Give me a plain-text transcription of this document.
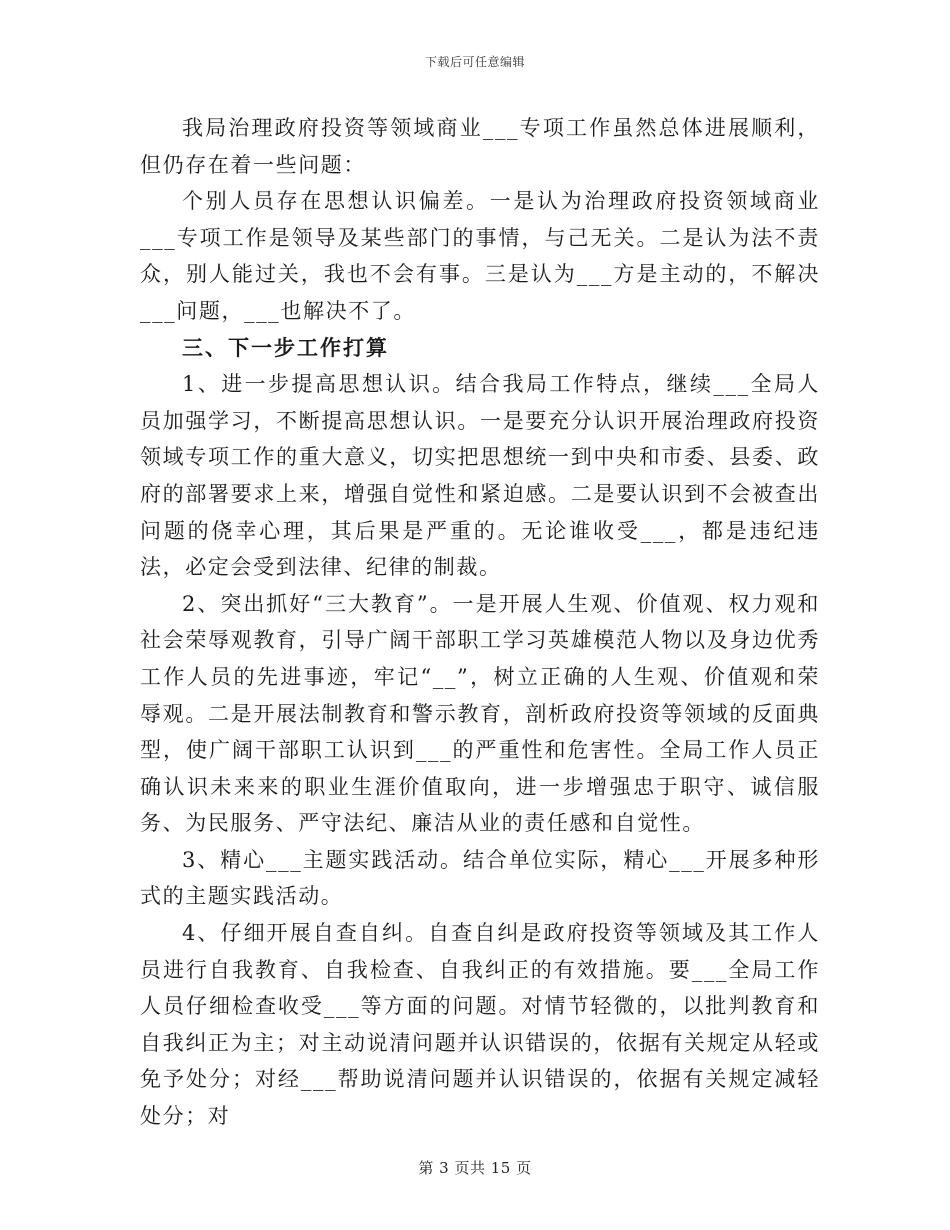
下载后可任意编辑

我局治理政府投资等领域商业___专项工作虽然总体进展顺利，但仍存在着一些问题：

个别人员存在思想认识偏差。一是认为治理政府投资领域商业___专项工作是领导及某些部门的事情，与己无关。二是认为法不责众，别人能过关，我也不会有事。三是认为___方是主动的，不解决___问题，___也解决不了。

三、下一步工作打算

1、进一步提高思想认识。结合我局工作特点，继续___全局人员加强学习，不断提高思想认识。一是要充分认识开展治理政府投资领域专项工作的重大意义，切实把思想统一到中央和市委、县委、政府的部署要求上来，增强自觉性和紧迫感。二是要认识到不会被查出问题的侥幸心理，其后果是严重的。无论谁收受___，都是违纪违法，必定会受到法律、纪律的制裁。

2、突出抓好“三大教育”。一是开展人生观、价值观、权力观和社会荣辱观教育，引导广阔干部职工学习英雄模范人物以及身边优秀工作人员的先进事迹，牢记“__”，树立正确的人生观、价值观和荣辱观。二是开展法制教育和警示教育，剖析政府投资等领域的反面典型，使广阔干部职工认识到___的严重性和危害性。全局工作人员正确认识未来来的职业生涯价值取向，进一步增强忠于职守、诚信服务、为民服务、严守法纪、廉洁从业的责任感和自觉性。

3、精心___主题实践活动。结合单位实际，精心___开展多种形式的主题实践活动。

4、仔细开展自查自纠。自查自纠是政府投资等领域及其工作人员进行自我教育、自我检查、自我纠正的有效措施。要___全局工作人员仔细检查收受___等方面的问题。对情节轻微的，以批判教育和自我纠正为主；对主动说清问题并认识错误的，依据有关规定从轻或免予处分；对经___帮助说清问题并认识错误的，依据有关规定减轻处分；对

第 3 页共 15 页
